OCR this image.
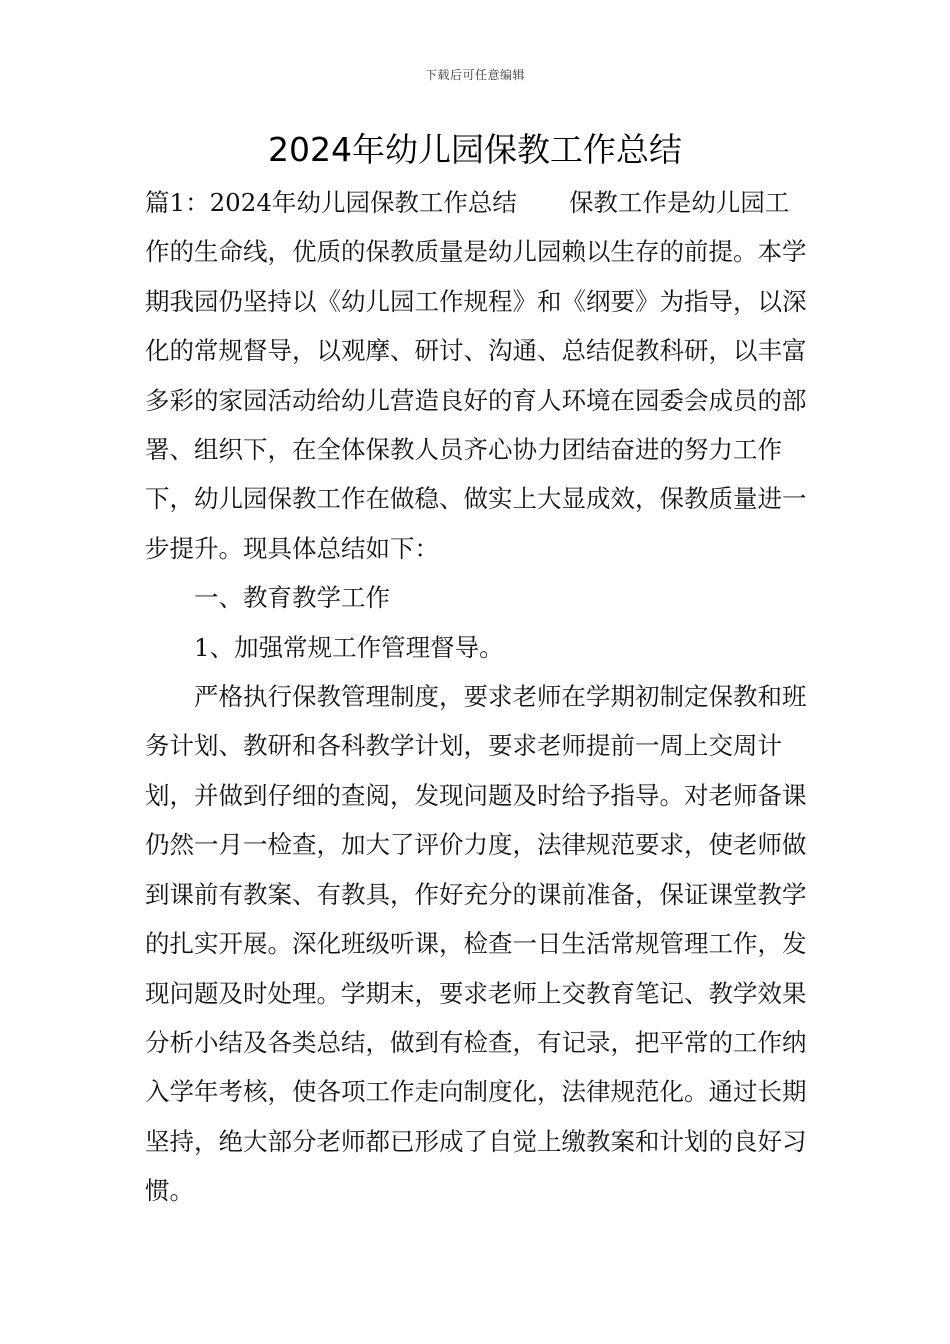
下载后可任意编辑
2024年幼儿园保教工作总结

篇1：2024年幼儿园保教工作总结 保教工作是幼儿园工作的生命线，优质的保教质量是幼儿园赖以生存的前提。本学期我园仍坚持以《幼儿园工作规程》和《纲要》为指导，以深化的常规督导，以观摩、研讨、沟通、总结促教科研，以丰富多彩的家园活动给幼儿营造良好的育人环境在园委会成员的部署、组织下，在全体保教人员齐心协力团结奋进的努力工作下，幼儿园保教工作在做稳、做实上大显成效，保教质量进一步提升。现具体总结如下：

一、教育教学工作

1、加强常规工作管理督导。

严格执行保教管理制度，要求老师在学期初制定保教和班务计划、教研和各科教学计划，要求老师提前一周上交周计划，并做到仔细的查阅，发现问题及时给予指导。对老师备课仍然一月一检查，加大了评价力度，法律规范要求，使老师做到课前有教案、有教具，作好充分的课前准备，保证课堂教学的扎实开展。深化班级听课，检查一日生活常规管理工作，发现问题及时处理。学期末，要求老师上交教育笔记、教学效果分析小结及各类总结，做到有检查，有记录，把平常的工作纳入学年考核，使各项工作走向制度化，法律规范化。通过长期坚持，绝大部分老师都已形成了自觉上缴教案和计划的良好习惯。
